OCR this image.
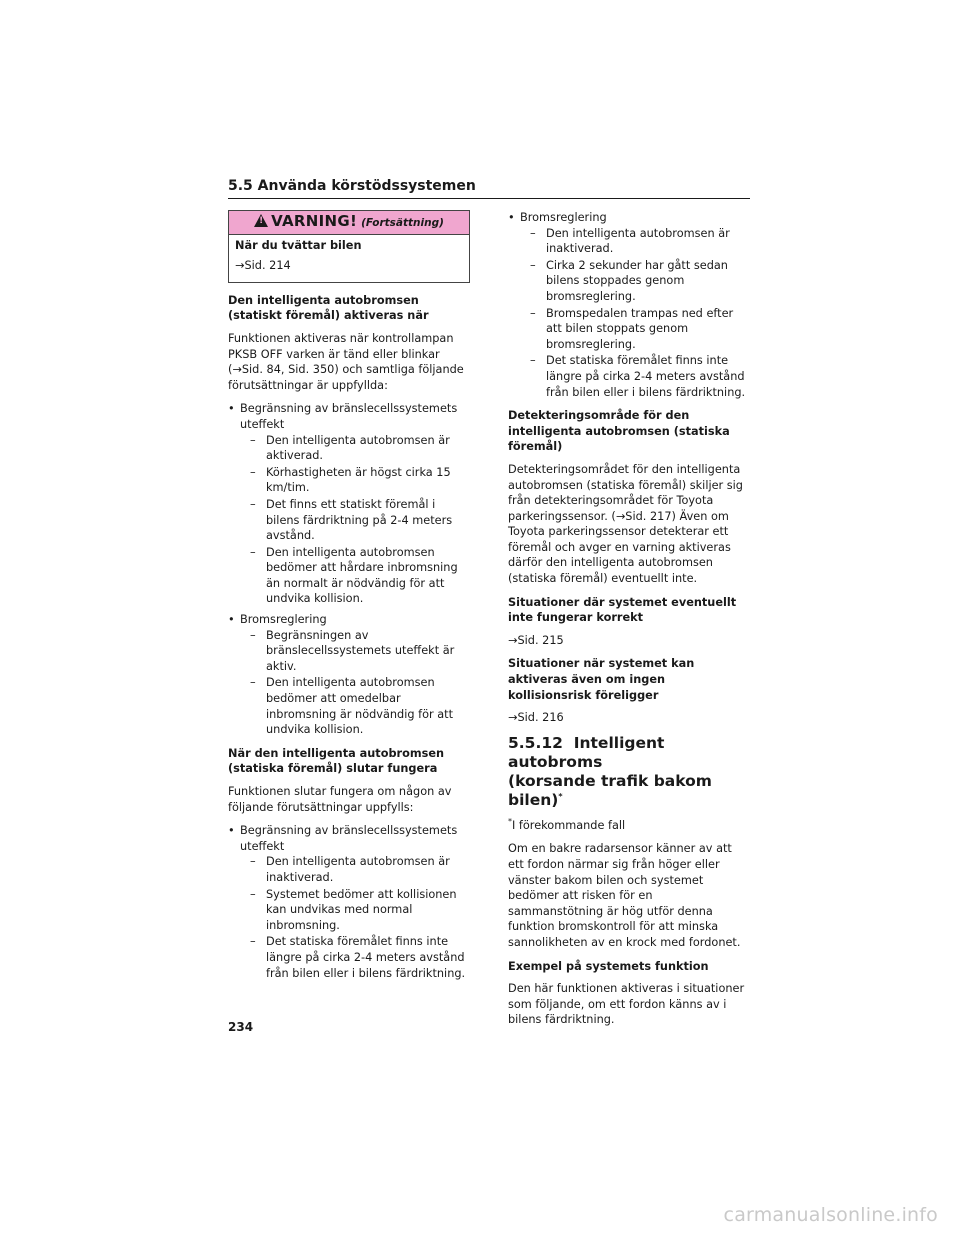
5.5 Använda körstödssystemen
!VARNING! (Fortsättning)

När du tvättar bilen

→Sid. 214

Den intelligenta autobromsen (statiskt föremål) aktiveras när

Funktionen aktiveras när kontrollampan PKSB OFF varken är tänd eller blinkar (→Sid. 84, Sid. 350) och samtliga följande förutsättningar är uppfyllda:

• Begränsning av bränslecellssystemets uteffekt
– Den intelligenta autobromsen är aktiverad.
– Körhastigheten är högst cirka 15 km/tim.
– Det finns ett statiskt föremål i bilens färdriktning på 2-4 meters avstånd.
– Den intelligenta autobromsen bedömer att hårdare inbromsning än normalt är nödvändig för att undvika kollision.
• Bromsreglering
– Begränsningen av bränslecellssystemets uteffekt är aktiv.
– Den intelligenta autobromsen bedömer att omedelbar inbromsning är nödvändig för att undvika kollision.

När den intelligenta autobromsen (statiska föremål) slutar fungera

Funktionen slutar fungera om någon av följande förutsättningar uppfylls:

• Begränsning av bränslecellssystemets uteffekt
– Den intelligenta autobromsen är inaktiverad.
– Systemet bedömer att kollisionen kan undvikas med normal inbromsning.
– Det statiska föremålet finns inte längre på cirka 2-4 meters avstånd från bilen eller i bilens färdriktning.
• Bromsreglering
– Den intelligenta autobromsen är inaktiverad.
– Cirka 2 sekunder har gått sedan bilens stoppades genom bromsreglering.
– Bromspedalen trampas ned efter att bilen stoppats genom bromsreglering.
– Det statiska föremålet finns inte längre på cirka 2-4 meters avstånd från bilen eller i bilens färdriktning.

Detekteringsområde för den intelligenta autobromsen (statiska föremål)

Detekteringsområdet för den intelligenta autobromsen (statiska föremål) skiljer sig från detekteringsområdet för Toyota parkeringssensor. (→Sid. 217) Även om Toyota parkeringssensor detekterar ett föremål och avger en varning aktiveras därför den intelligenta autobromsen (statiska föremål) eventuellt inte.

Situationer där systemet eventuellt inte fungerar korrekt

→Sid. 215

Situationer när systemet kan aktiveras även om ingen kollisionsrisk föreligger

→Sid. 216

5.5.12 Intelligent autobroms
(korsande trafik bakom bilen)*

*I förekommande fall

Om en bakre radarsensor känner av att ett fordon närmar sig från höger eller vänster bakom bilen och systemet bedömer att risken för en sammanstötning är hög utför denna funktion bromskontroll för att minska sannolikheten av en krock med fordonet.

Exempel på systemets funktion

Den här funktionen aktiveras i situationer som följande, om ett fordon känns av i bilens färdriktning.

234
carmanualsonline.info
